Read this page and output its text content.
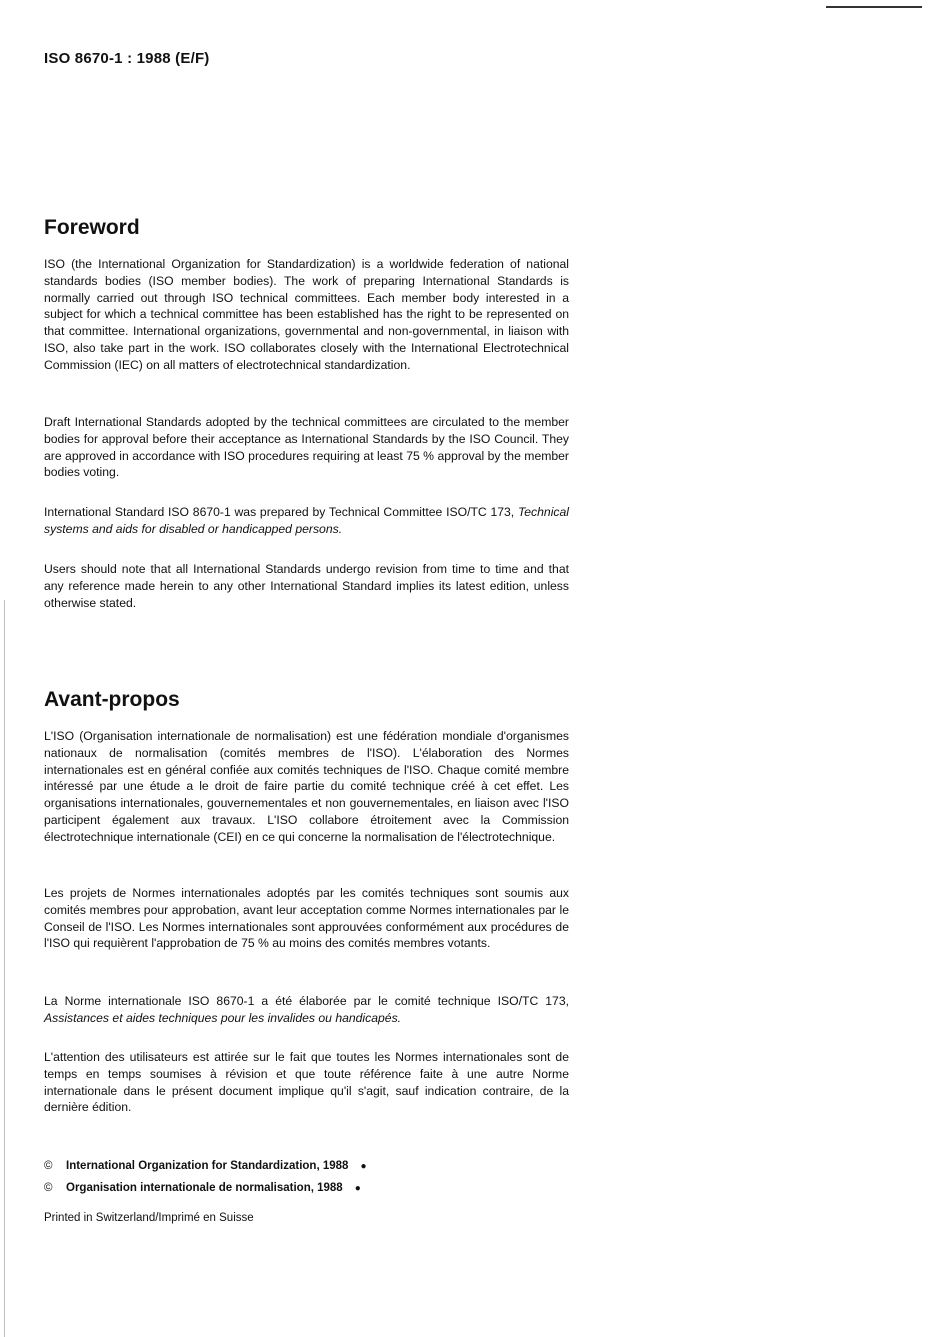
ISO 8670-1 : 1988 (E/F)
Foreword

ISO (the International Organization for Standardization) is a worldwide federation of national standards bodies (ISO member bodies). The work of preparing International Standards is normally carried out through ISO technical committees. Each member body interested in a subject for which a technical committee has been established has the right to be represented on that committee. International organizations, governmental and non-governmental, in liaison with ISO, also take part in the work. ISO collaborates closely with the International Electrotechnical Commission (IEC) on all matters of electrotechnical standardization.

Draft International Standards adopted by the technical committees are circulated to the member bodies for approval before their acceptance as International Standards by the ISO Council. They are approved in accordance with ISO procedures requiring at least 75 % approval by the member bodies voting.

International Standard ISO 8670-1 was prepared by Technical Committee ISO/TC 173, Technical systems and aids for disabled or handicapped persons.

Users should note that all International Standards undergo revision from time to time and that any reference made herein to any other International Standard implies its latest edition, unless otherwise stated.

Avant-propos

L'ISO (Organisation internationale de normalisation) est une fédération mondiale d'organismes nationaux de normalisation (comités membres de l'ISO). L'élaboration des Normes internationales est en général confiée aux comités techniques de l'ISO. Chaque comité membre intéressé par une étude a le droit de faire partie du comité technique créé à cet effet. Les organisations internationales, gouvernementales et non gouvernementales, en liaison avec l'ISO participent également aux travaux. L'ISO collabore étroitement avec la Commission électrotechnique internationale (CEI) en ce qui concerne la normalisation de l'électrotechnique.

Les projets de Normes internationales adoptés par les comités techniques sont soumis aux comités membres pour approbation, avant leur acceptation comme Normes internationales par le Conseil de l'ISO. Les Normes internationales sont approuvées conformément aux procédures de l'ISO qui requièrent l'approbation de 75 % au moins des comités membres votants.

La Norme internationale ISO 8670-1 a été élaborée par le comité technique ISO/TC 173, Assistances et aides techniques pour les invalides ou handicapés.

L'attention des utilisateurs est attirée sur le fait que toutes les Normes internationales sont de temps en temps soumises à révision et que toute référence faite à une autre Norme internationale dans le présent document implique qu'il s'agit, sauf indication contraire, de la dernière édition.

© International Organization for Standardization, 1988 ●
© Organisation internationale de normalisation, 1988 ●
Printed in Switzerland/Imprimé en Suisse
